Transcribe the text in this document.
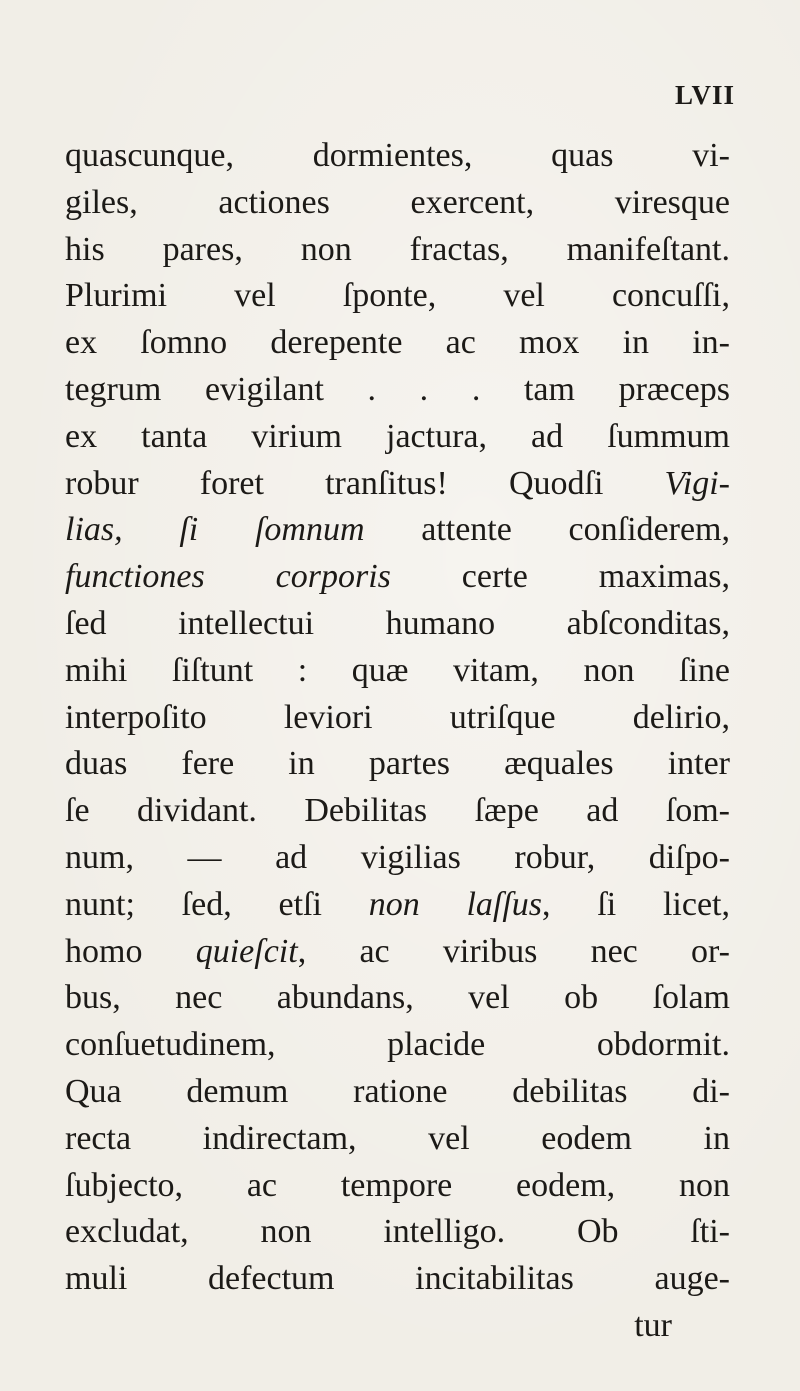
LVII
quascunque, dormientes, quas vi-
giles, actiones exercent, viresque
his pares, non fractas, manifeſtant.
Plurimi vel ſponte, vel concuſſi,
ex ſomno derepente ac mox in in-
tegrum evigilant . . . tam præceps
ex tanta virium jactura, ad ſummum
robur foret tranſitus! Quodſi Vigi-
lias, ſi ſomnum attente conſiderem,
functiones corporis certe maximas,
ſed intellectui humano abſconditas,
mihi ſiſtunt : quæ vitam, non ſine
interpoſito leviori utriſque delirio,
duas fere in partes æquales inter
ſe dividant. Debilitas ſæpe ad ſom-
num, — ad vigilias robur, diſpo-
nunt; ſed, etſi non laſſus, ſi licet,
homo quieſcit, ac viribus nec or-
bus, nec abundans, vel ob ſolam
conſuetudinem, placide obdormit.
Qua demum ratione debilitas di-
recta indirectam, vel eodem in
ſubjecto, ac tempore eodem, non
excludat, non intelligo. Ob ſti-
muli defectum incitabilitas auge-
tur
